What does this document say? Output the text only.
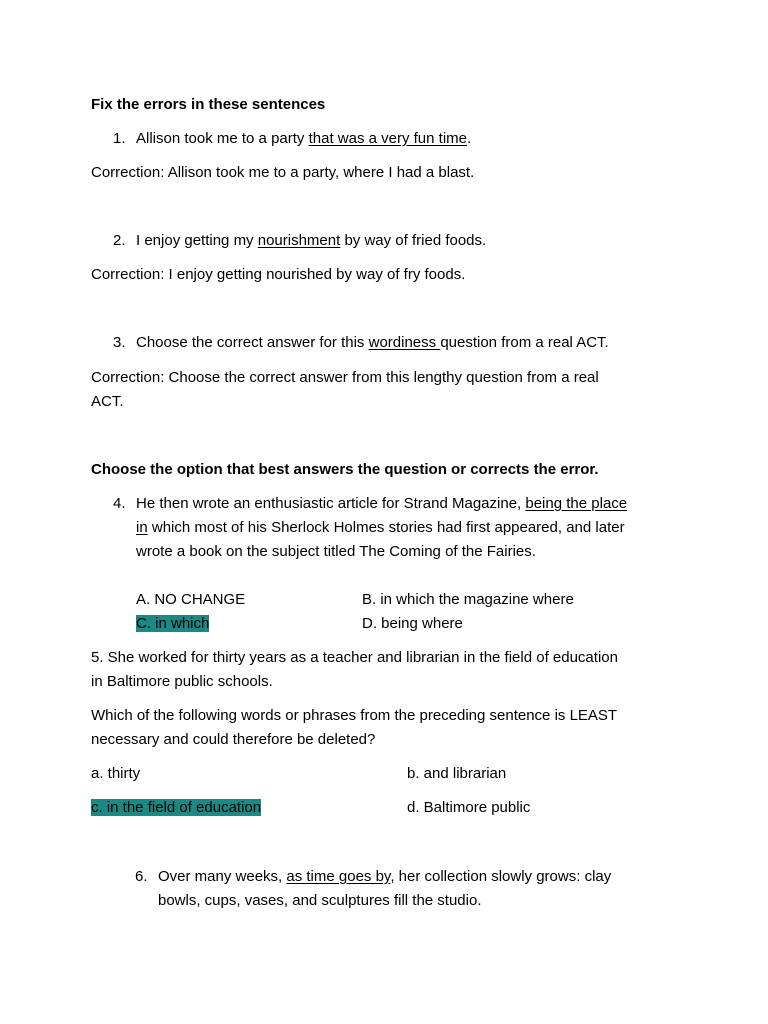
Fix the errors in these sentences
1. Allison took me to a party that was a very fun time.
Correction: Allison took me to a party, where I had a blast.
2. I enjoy getting my nourishment by way of fried foods.
Correction: I enjoy getting nourished by way of fry foods.
3. Choose the correct answer for this wordiness question from a real ACT.
Correction: Choose the correct answer from this lengthy question from a real
ACT.
Choose the option that best answers the question or corrects the error.
4. He then wrote an enthusiastic article for Strand Magazine, being the place
in which most of his Sherlock Holmes stories had first appeared, and later
wrote a book on the subject titled The Coming of the Fairies.
A. NO CHANGE	B. in which the magazine where
C. in which	D. being where
5. She worked for thirty years as a teacher and librarian in the field of education
in Baltimore public schools.
Which of the following words or phrases from the preceding sentence is LEAST
necessary and could therefore be deleted?
a. thirty	b. and librarian
c. in the field of education	d. Baltimore public
6. Over many weeks, as time goes by, her collection slowly grows: clay
bowls, cups, vases, and sculptures fill the studio.
